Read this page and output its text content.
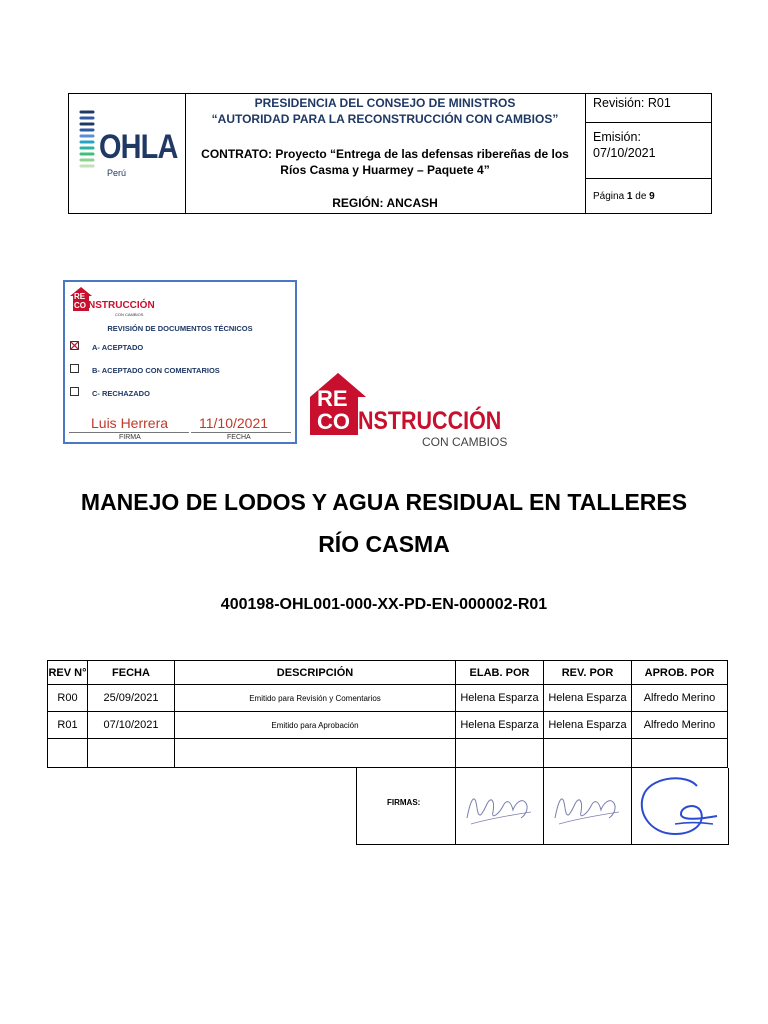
OHLA
Perú
PRESIDENCIA DEL CONSEJO DE MINISTROS
“AUTORIDAD PARA LA RECONSTRUCCIÓN CON CAMBIOS”
CONTRATO: Proyecto “Entrega de las defensas ribereñas de los
Ríos Casma y Huarmey – Paquete 4”
REGIÓN: ANCASH
Revisión: R01
Emisión:
07/10/2021
Página 1 de 9
RE
CO NSTRUCCIÓN
CON CAMBIOS
REVISIÓN DE DOCUMENTOS TÉCNICOS
A- ACEPTADO
B- ACEPTADO CON COMENTARIOS
C- RECHAZADO
Luis Herrera 11/10/2021
FIRMA	FECHA
RE
CO NSTRUCCIÓN
CON CAMBIOS
MANEJO DE LODOS Y AGUA RESIDUAL EN TALLERES
RÍO CASMA
400198-OHL001-000-XX-PD-EN-000002-R01
REV N°	FECHA	DESCRIPCIÓN	ELAB. POR	REV. POR	APROB. POR
R00	25/09/2021	Emitido para Revisión y Comentarios	Helena Esparza	Helena Esparza	Alfredo Merino
R01	07/10/2021	Emitido para Aprobación	Helena Esparza	Helena Esparza	Alfredo Merino

FIRMAS:
